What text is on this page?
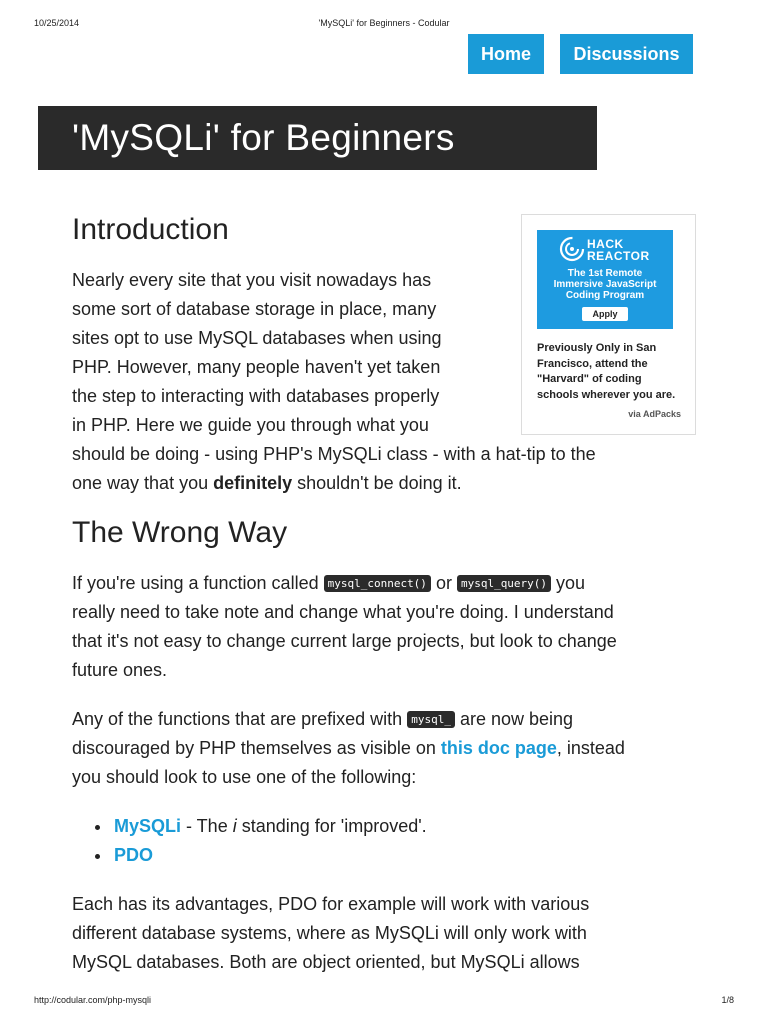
10/25/2014	'MySQLi' for Beginners - Codular
Home	Discussions
'MySQLi' for Beginners
Introduction
Nearly every site that you visit nowadays has
some sort of database storage in place, many
sites opt to use MySQL databases when using
PHP. However, many people haven't yet taken
the step to interacting with databases properly
in PHP. Here we guide you through what you
should be doing - using PHP's MySQLi class - with a hat-tip to the
one way that you definitely shouldn't be doing it.
HACK
REACTOR
The 1st Remote Immersive JavaScript Coding Program
Apply
Previously Only in San Francisco, attend the "Harvard" of coding schools wherever you are.
via AdPacks
The Wrong Way
If you're using a function called mysql_connect() or mysql_query() you
really need to take note and change what you're doing. I understand
that it's not easy to change current large projects, but look to change
future ones.
Any of the functions that are prefixed with mysql_ are now being
discouraged by PHP themselves as visible on this doc page, instead
you should look to use one of the following:
• MySQLi - The i standing for 'improved'.
• PDO
Each has its advantages, PDO for example will work with various
different database systems, where as MySQLi will only work with
MySQL databases. Both are object oriented, but MySQLi allows
http://codular.com/php-mysqli	1/8
